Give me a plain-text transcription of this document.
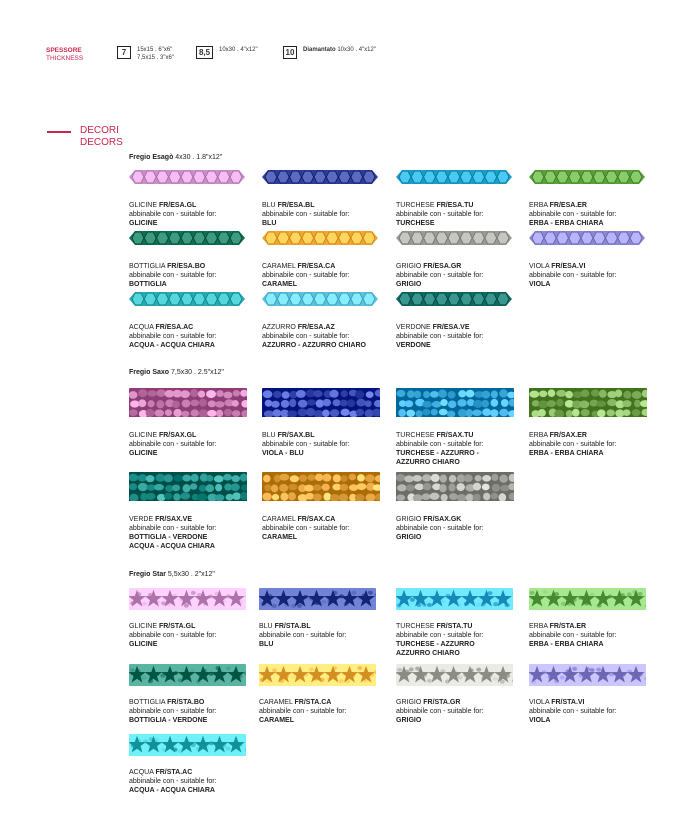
SPESSORE
THICKNESS
7	15x15 . 6"x6"
7,5x15 . 3"x6"
8,5	10x30 . 4"x12"	10	Diamantato 10x30 . 4"x12"
DECORI
DECORS
Fregio Esagò 4x30 . 1.8"x12"
GLICINE FR/ESA.GL
abbinabile con - suitable for:
GLICINE
BLU FR/ESA.BL
abbinabile con - suitable for:
BLU
TURCHESE FR/ESA.TU
abbinabile con - suitable for:
TURCHESE
ERBA FR/ESA.ER
abbinabile con - suitable for:
ERBA - ERBA CHIARA
BOTTIGLIA FR/ESA.BO
abbinabile con - suitable for:
BOTTIGLIA
CARAMEL FR/ESA.CA
abbinabile con - suitable for:
CARAMEL
GRIGIO FR/ESA.GR
abbinabile con - suitable for:
GRIGIO
VIOLA FR/ESA.VI
abbinabile con - suitable for:
VIOLA
ACQUA FR/ESA.AC
abbinabile con - suitable for:
ACQUA - ACQUA CHIARA
AZZURRO FR/ESA.AZ
abbinabile con - suitable for:
AZZURRO - AZZURRO CHIARO
VERDONE FR/ESA.VE
abbinabile con - suitable for:
VERDONE
Fregio Saxo 7,5x30 . 2.5"x12"
GLICINE FR/SAX.GL
abbinabile con - suitable for:
GLICINE
BLU FR/SAX.BL
abbinabile con - suitable for:
VIOLA - BLU
TURCHESE FR/SAX.TU
abbinabile con - suitable for:
TURCHESE - AZZURRO -
AZZURRO CHIARO
ERBA FR/SAX.ER
abbinabile con - suitable for:
ERBA - ERBA CHIARA
VERDE FR/SAX.VE
abbinabile con - suitable for:
BOTTIGLIA - VERDONE
ACQUA - ACQUA CHIARA
CARAMEL FR/SAX.CA
abbinabile con - suitable for:
CARAMEL
GRIGIO FR/SAX.GK
abbinabile con - suitable for:
GRIGIO
Fregio Star 5,5x30 . 2"x12"
GLICINE FR/STA.GL
abbinabile con - suitable for:
GLICINE
BLU FR/STA.BL
abbinabile con - suitable for:
BLU
TURCHESE FR/STA.TU
abbinabile con - suitable for:
TURCHESE - AZZURRO
AZZURRO CHIARO
ERBA FR/STA.ER
abbinabile con - suitable for:
ERBA - ERBA CHIARA
BOTTIGLIA FR/STA.BO
abbinabile con - suitable for:
BOTTIGLIA - VERDONE
CARAMEL FR/STA.CA
abbinabile con - suitable for:
CARAMEL
GRIGIO FR/STA.GR
abbinabile con - suitable for:
GRIGIO
VIOLA FR/STA.VI
abbinabile con - suitable for:
VIOLA
ACQUA FR/STA.AC
abbinabile con - suitable for:
ACQUA - ACQUA CHIARA
